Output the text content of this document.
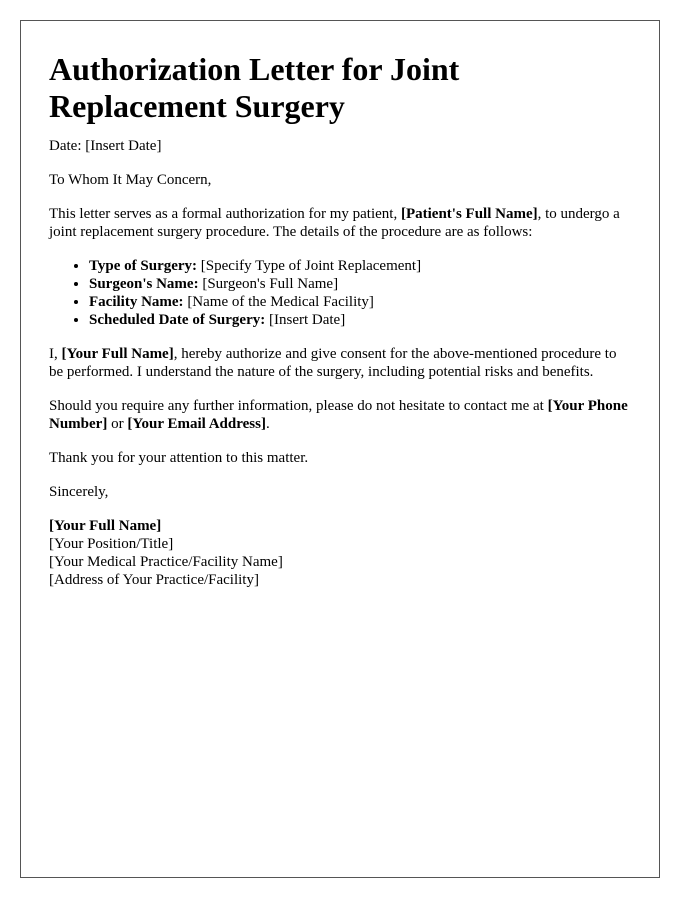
Authorization Letter for Joint Replacement Surgery

Date: [Insert Date]

To Whom It May Concern,

This letter serves as a formal authorization for my patient, [Patient's Full Name], to undergo a joint replacement surgery procedure. The details of the procedure are as follows:

• Type of Surgery: [Specify Type of Joint Replacement]
• Surgeon's Name: [Surgeon's Full Name]
• Facility Name: [Name of the Medical Facility]
• Scheduled Date of Surgery: [Insert Date]

I, [Your Full Name], hereby authorize and give consent for the above-mentioned procedure to be performed. I understand the nature of the surgery, including potential risks and benefits.

Should you require any further information, please do not hesitate to contact me at [Your Phone Number] or [Your Email Address].

Thank you for your attention to this matter.

Sincerely,

[Your Full Name]
[Your Position/Title]
[Your Medical Practice/Facility Name]
[Address of Your Practice/Facility]
